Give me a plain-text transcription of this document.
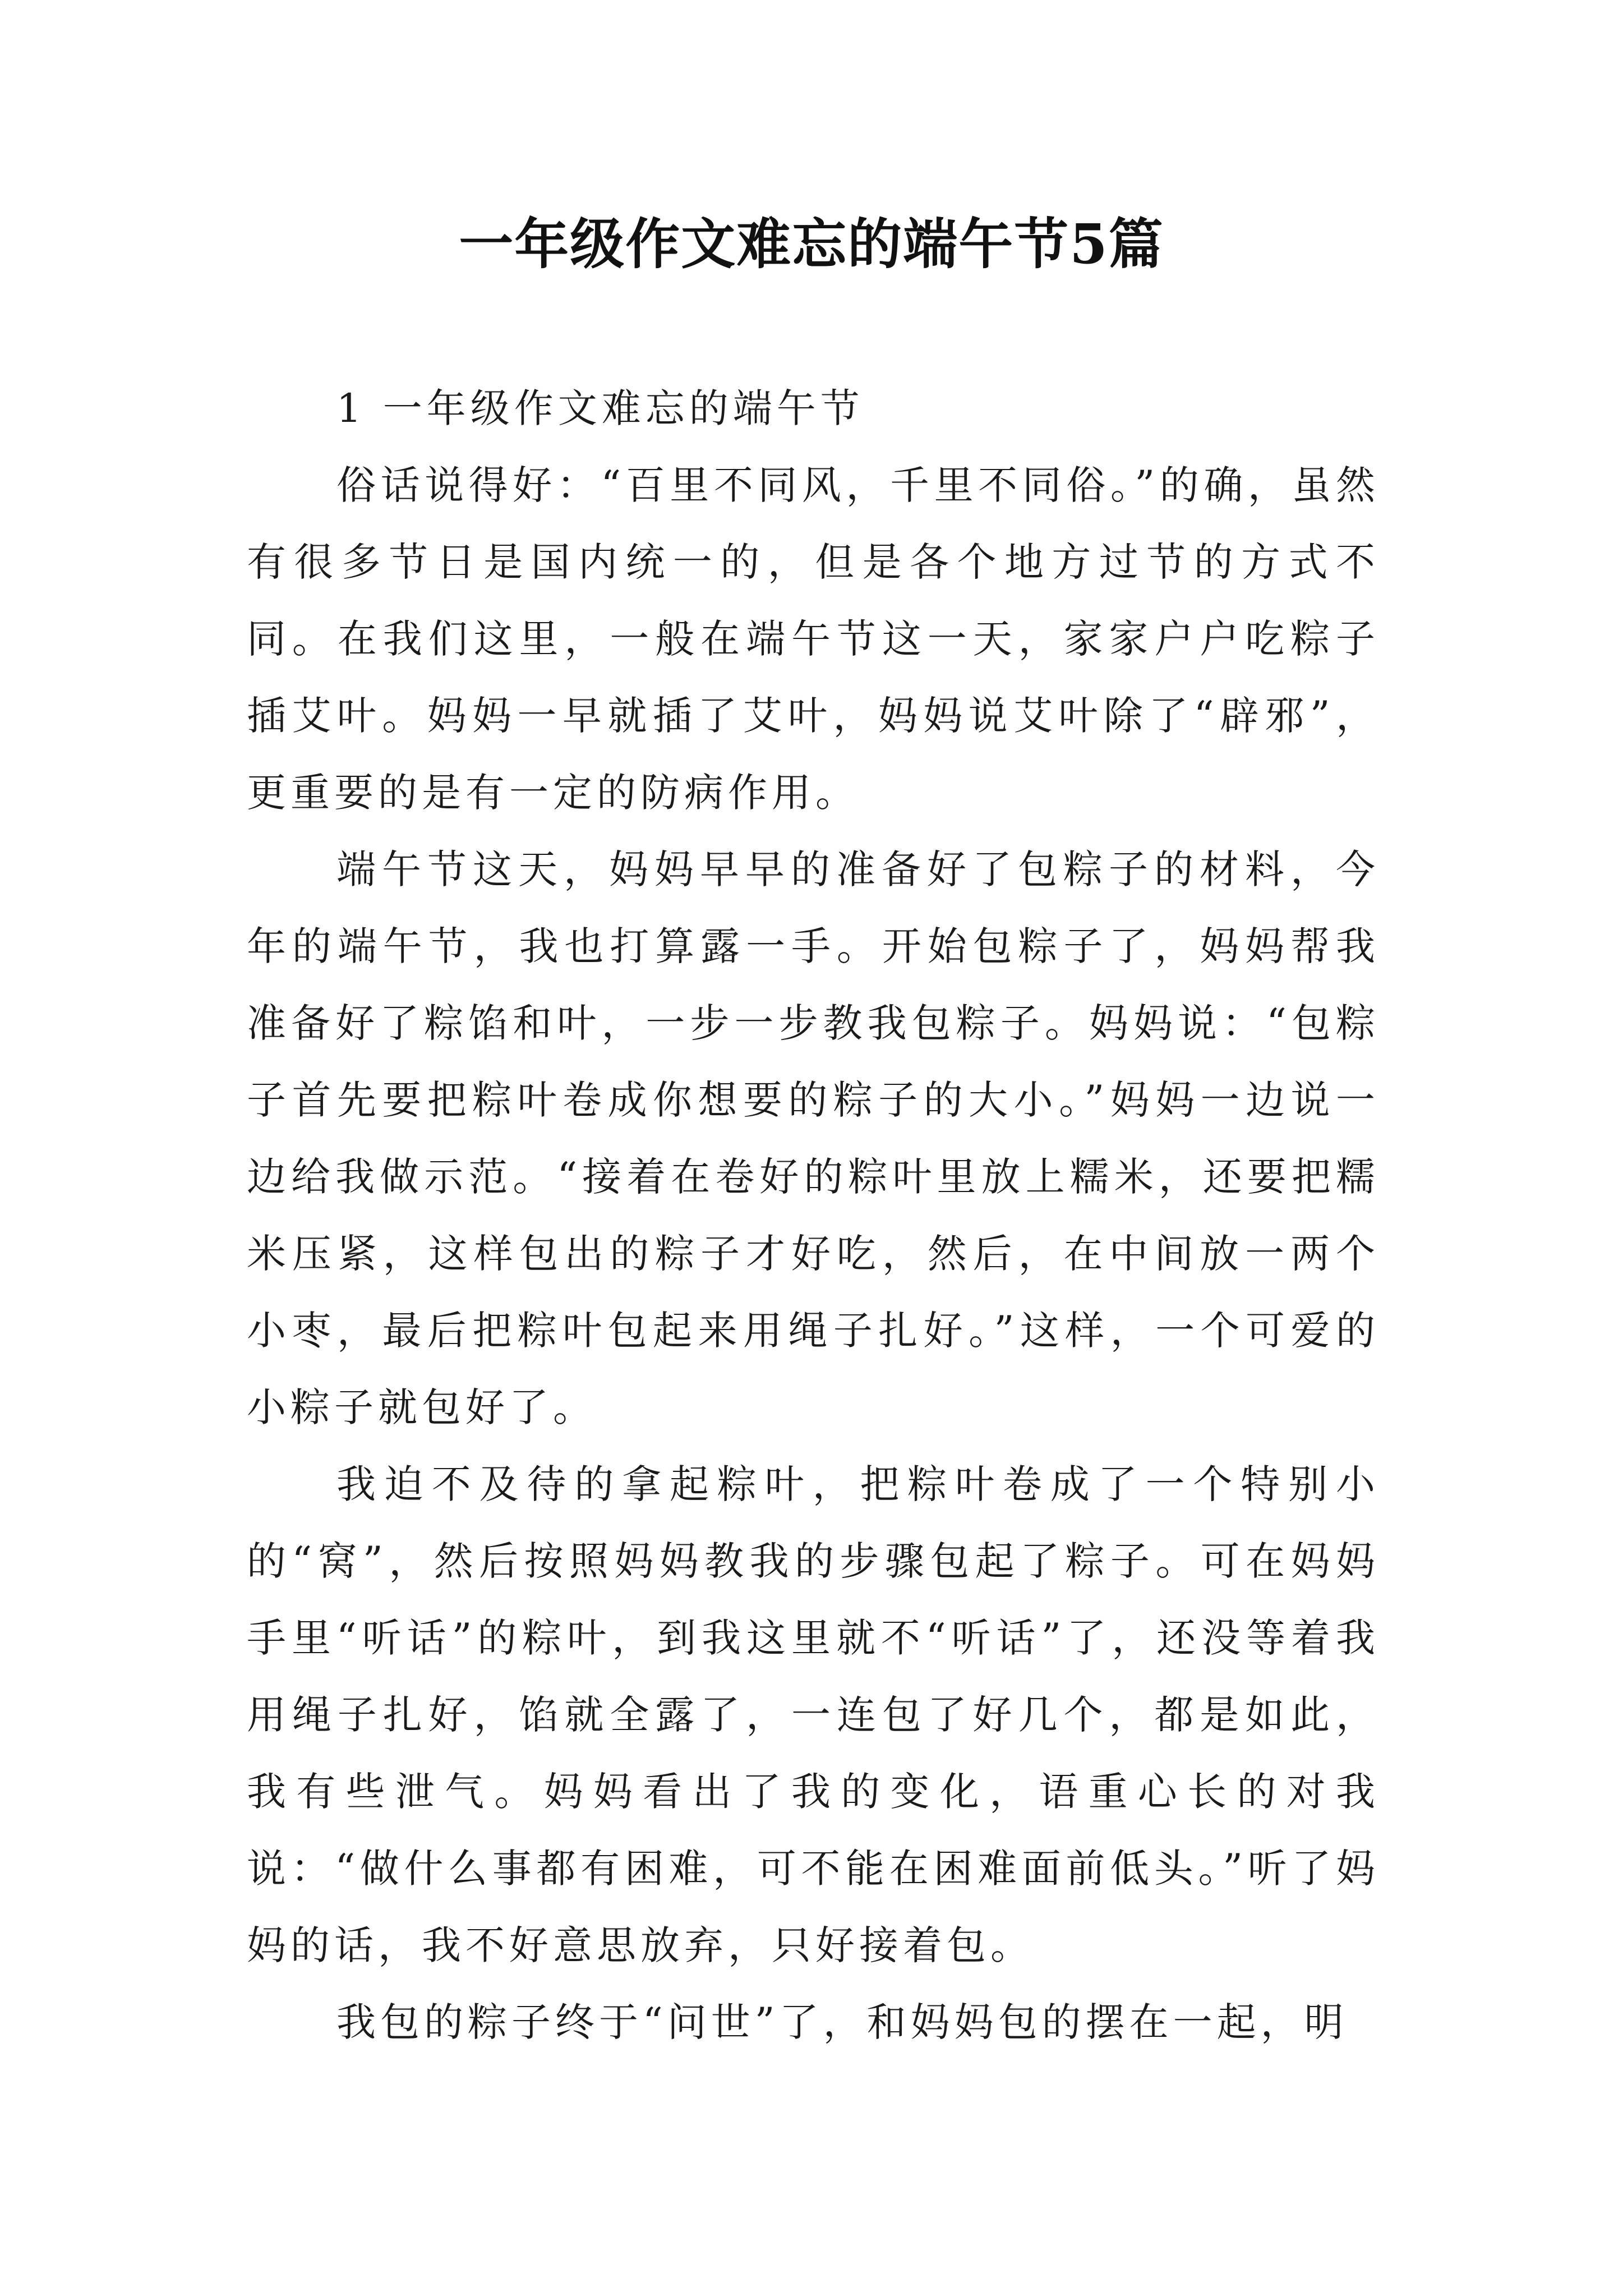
一年级作文难忘的端午节5篇

1 一年级作文难忘的端午节

俗话说得好：“百里不同风，千里不同俗。”的确，虽然有很多节日是国内统一的，但是各个地方过节的方式不同。在我们这里，一般在端午节这一天，家家户户吃粽子插艾叶。妈妈一早就插了艾叶，妈妈说艾叶除了“辟邪”，更重要的是有一定的防病作用。

端午节这天，妈妈早早的准备好了包粽子的材料，今年的端午节，我也打算露一手。开始包粽子了，妈妈帮我准备好了粽馅和叶，一步一步教我包粽子。妈妈说：“包粽子首先要把粽叶卷成你想要的粽子的大小。”妈妈一边说一边给我做示范。“接着在卷好的粽叶里放上糯米，还要把糯米压紧，这样包出的粽子才好吃，然后，在中间放一两个小枣，最后把粽叶包起来用绳子扎好。”这样，一个可爱的小粽子就包好了。

我迫不及待的拿起粽叶，把粽叶卷成了一个特别小的“窝”，然后按照妈妈教我的步骤包起了粽子。可在妈妈手里“听话”的粽叶，到我这里就不“听话”了，还没等着我用绳子扎好，馅就全露了，一连包了好几个，都是如此，我有些泄气。妈妈看出了我的变化，语重心长的对我说：“做什么事都有困难，可不能在困难面前低头。”听了妈妈的话，我不好意思放弃，只好接着包。

我包的粽子终于“问世”了，和妈妈包的摆在一起，明
